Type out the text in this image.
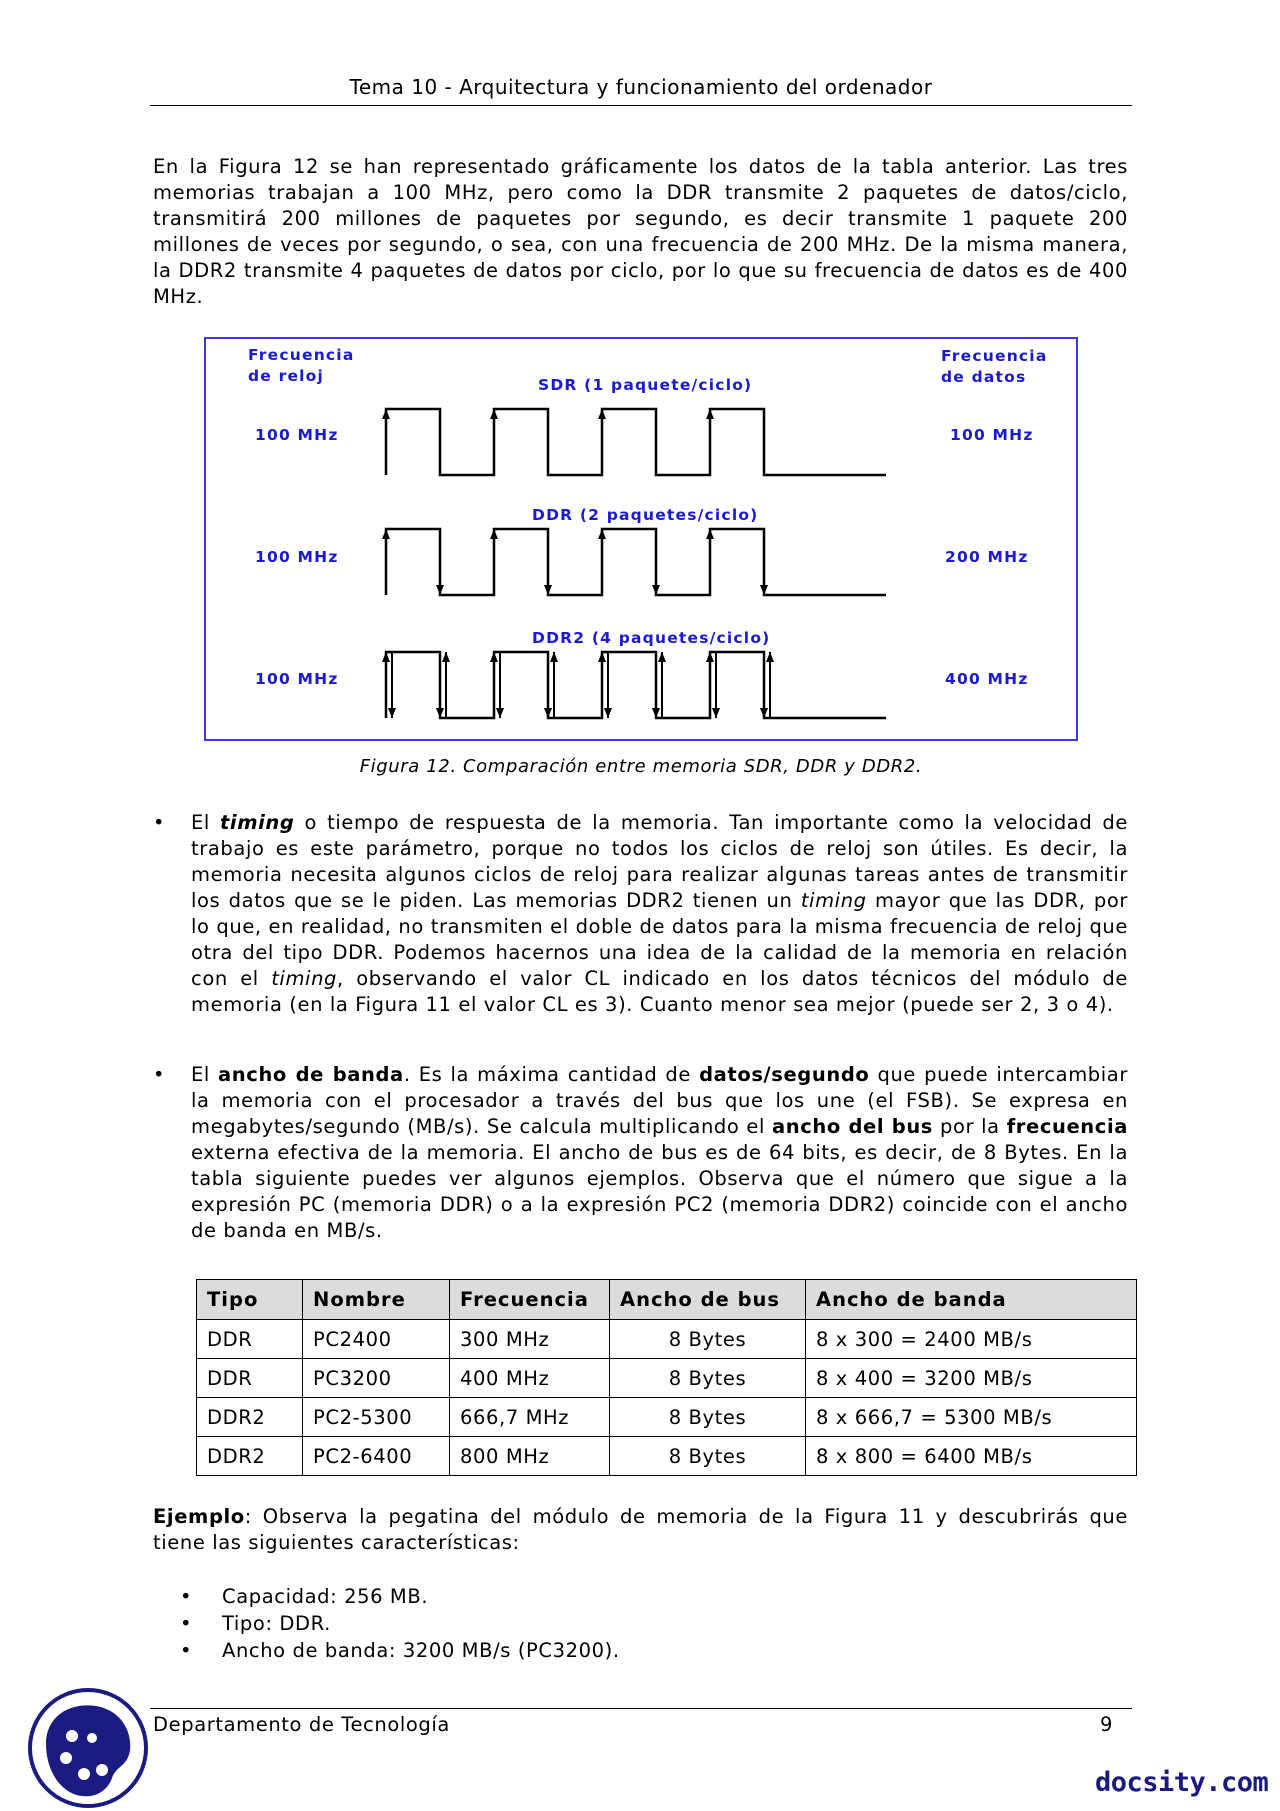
Tema 10 - Arquitectura y funcionamiento del ordenador
En la Figura 12 se han representado gráficamente los datos de la tabla anterior. Las tres memorias trabajan a 100 MHz, pero como la DDR transmite 2 paquetes de datos/ciclo, transmitirá 200 millones de paquetes por segundo, es decir transmite 1 paquete 200 millones de veces por segundo, o sea, con una frecuencia de 200 MHz. De la misma manera, la DDR2 transmite 4 paquetes de datos por ciclo, por lo que su frecuencia de datos es de 400 MHz.
Frecuencia
de reloj
Frecuencia
de datos
SDR (1 paquete/ciclo)
100 MHz	100 MHz
DDR (2 paquetes/ciclo)
100 MHz	200 MHz
DDR2 (4 paquetes/ciclo)
100 MHz	400 MHz
Figura 12. Comparación entre memoria SDR, DDR y DDR2.
•	El timing o tiempo de respuesta de la memoria. Tan importante como la velocidad de trabajo es este parámetro, porque no todos los ciclos de reloj son útiles. Es decir, la memoria necesita algunos ciclos de reloj para realizar algunas tareas antes de transmitir los datos que se le piden. Las memorias DDR2 tienen un timing mayor que las DDR, por lo que, en realidad, no transmiten el doble de datos para la misma frecuencia de reloj que otra del tipo DDR. Podemos hacernos una idea de la calidad de la memoria en relación con el timing, observando el valor CL indicado en los datos técnicos del módulo de memoria (en la Figura 11 el valor CL es 3). Cuanto menor sea mejor (puede ser 2, 3 o 4).
•	El ancho de banda. Es la máxima cantidad de datos/segundo que puede intercambiar la memoria con el procesador a través del bus que los une (el FSB). Se expresa en megabytes/segundo (MB/s). Se calcula multiplicando el ancho del bus por la frecuencia externa efectiva de la memoria. El ancho de bus es de 64 bits, es decir, de 8 Bytes. En la tabla siguiente puedes ver algunos ejemplos. Observa que el número que sigue a la expresión PC (memoria DDR) o a la expresión PC2 (memoria DDR2) coincide con el ancho de banda en MB/s.
Tipo	Nombre	Frecuencia	Ancho de bus	Ancho de banda
DDR	PC2400	300 MHz	8 Bytes	8 x 300 = 2400 MB/s
DDR	PC3200	400 MHz	8 Bytes	8 x 400 = 3200 MB/s
DDR2	PC2-5300	666,7 MHz	8 Bytes	8 x 666,7 = 5300 MB/s
DDR2	PC2-6400	800 MHz	8 Bytes	8 x 800 = 6400 MB/s
Ejemplo: Observa la pegatina del módulo de memoria de la Figura 11 y descubrirás que tiene las siguientes características:
• Capacidad: 256 MB.
• Tipo: DDR.
• Ancho de banda: 3200 MB/s (PC3200).
Departamento de Tecnología	9
docsity.com
